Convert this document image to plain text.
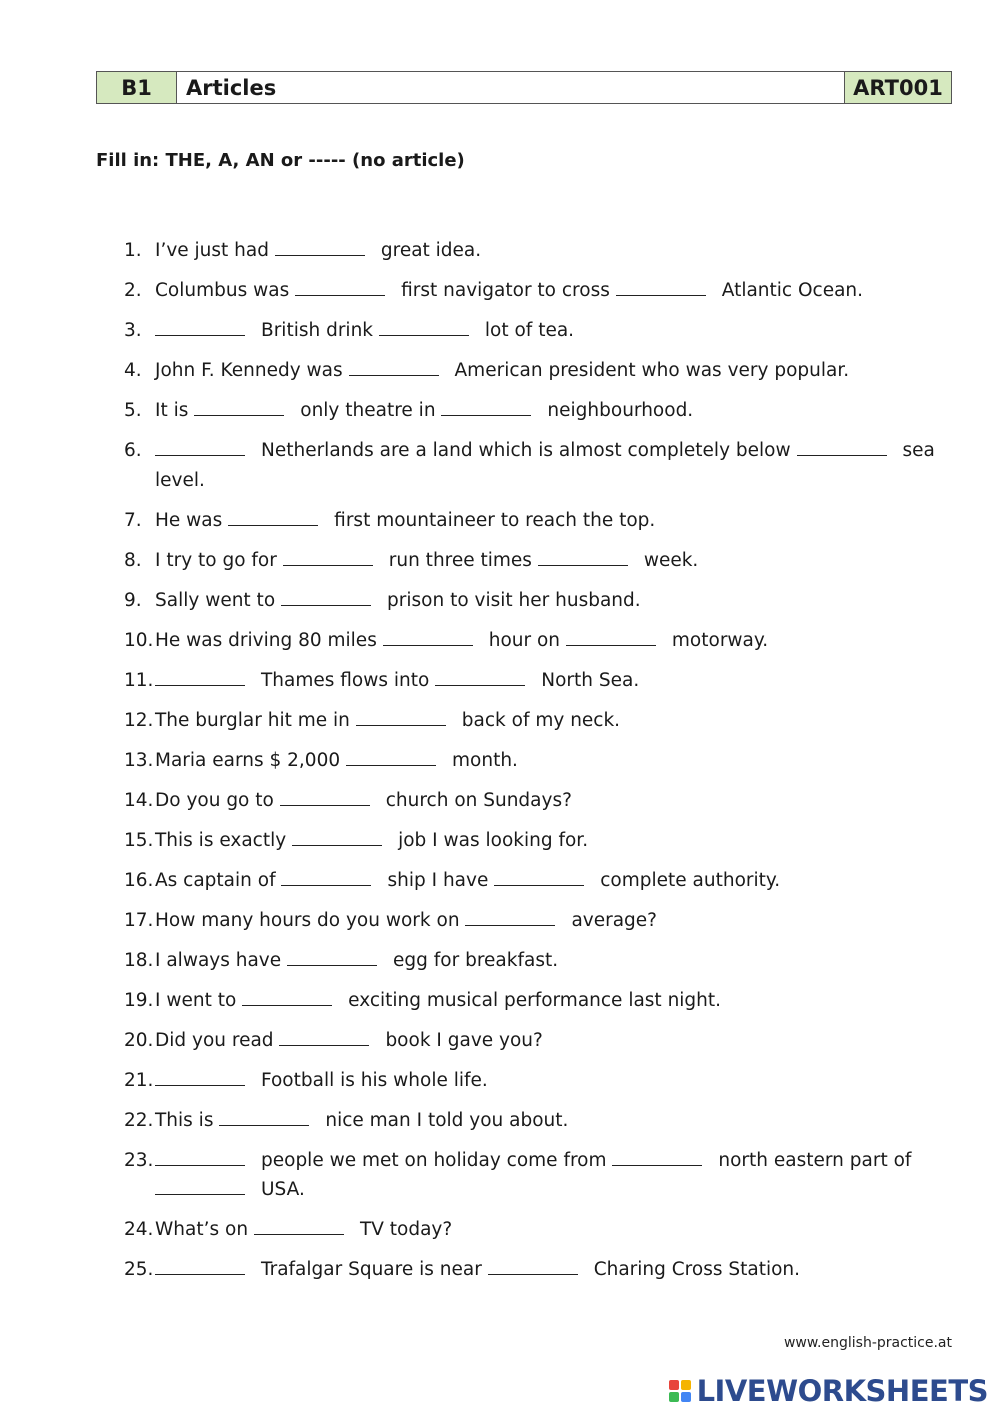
B1	Articles	ART001

Fill in: THE, A, AN or ----- (no article)

1. I’ve just had	great idea.
2. Columbus was	first navigator to cross	Atlantic Ocean.
3.	British drink	lot of tea.
4. John F. Kennedy was	American president who was very popular.
5. It is	only theatre in	neighbourhood.
6.	Netherlands are a land which is almost completely below	sea level.
7. He was	first mountaineer to reach the top.
8. I try to go for	run three times	week.
9. Sally went to	prison to visit her husband.
10. He was driving 80 miles	hour on	motorway.
11.	Thames flows into	North Sea.
12. The burglar hit me in	back of my neck.
13. Maria earns $ 2,000	month.
14. Do you go to	church on Sundays?
15. This is exactly	job I was looking for.
16. As captain of	ship I have	complete authority.
17. How many hours do you work on	average?
18. I always have	egg for breakfast.
19. I went to	exciting musical performance last night.
20. Did you read	book I gave you?
21.	Football is his whole life.
22. This is	nice man I told you about.
23.	people we met on holiday come from	north eastern part of USA.
24. What’s on	TV today?
25.	Trafalgar Square is near	Charing Cross Station.
www.english-practice.at
LIVEWORKSHEETS
